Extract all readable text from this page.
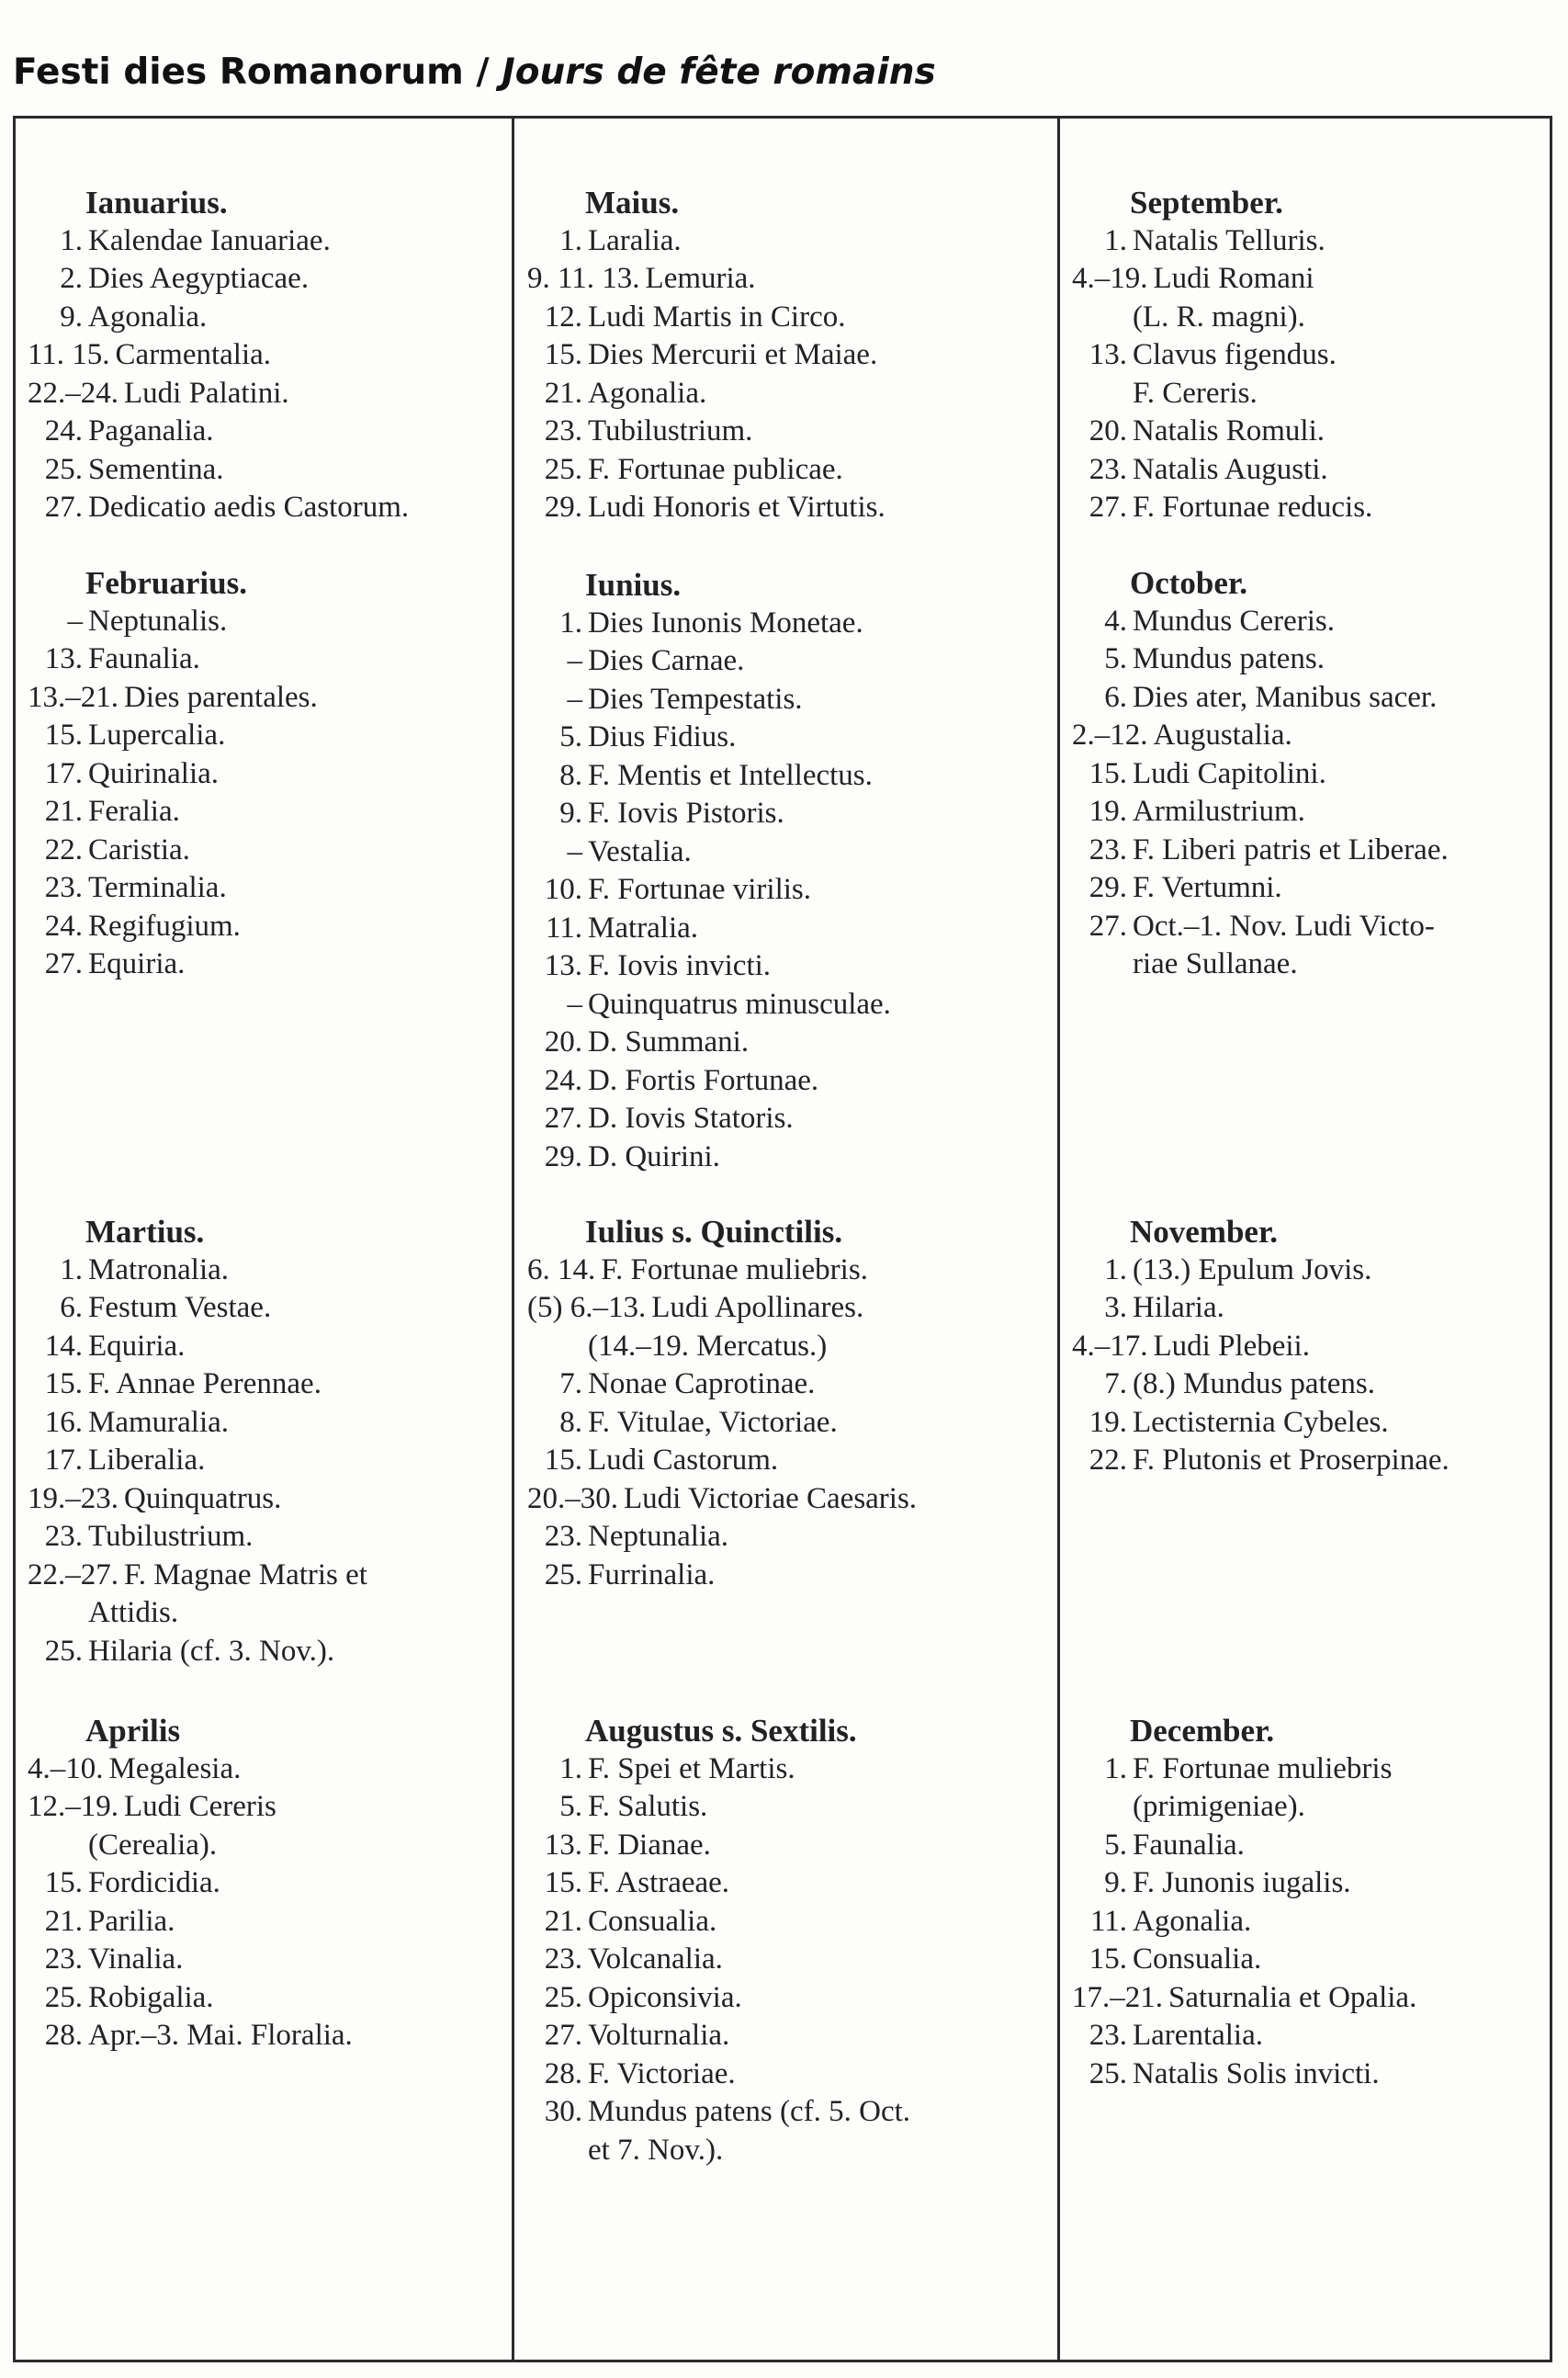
Festi dies Romanorum / Jours de fête romains
Ianuarius.
1. Kalendae Ianuariae.
2. Dies Aegyptiacae.
9. Agonalia.
11. 15. Carmentalia.
22.–24. Ludi Palatini.
24. Paganalia.
25. Sementina.
27. Dedicatio aedis Castorum.
Maius.
1. Laralia.
9. 11. 13. Lemuria.
12. Ludi Martis in Circo.
15. Dies Mercurii et Maiae.
21. Agonalia.
23. Tubilustrium.
25. F. Fortunae publicae.
29. Ludi Honoris et Virtutis.
September.
1. Natalis Telluris.
4.–19. Ludi Romani
(L. R. magni).
13. Clavus figendus.
F. Cereris.
20. Natalis Romuli.
23. Natalis Augusti.
27. F. Fortunae reducis.
Februarius.
– Neptunalis.
13. Faunalia.
13.–21. Dies parentales.
15. Lupercalia.
17. Quirinalia.
21. Feralia.
22. Caristia.
23. Terminalia.
24. Regifugium.
27. Equiria.
Iunius.
1. Dies Iunonis Monetae.
– Dies Carnae.
– Dies Tempestatis.
5. Dius Fidius.
8. F. Mentis et Intellectus.
9. F. Iovis Pistoris.
– Vestalia.
10. F. Fortunae virilis.
11. Matralia.
13. F. Iovis invicti.
– Quinquatrus minusculae.
20. D. Summani.
24. D. Fortis Fortunae.
27. D. Iovis Statoris.
29. D. Quirini.
October.
4. Mundus Cereris.
5. Mundus patens.
6. Dies ater, Manibus sacer.
2.–12. Augustalia.
15. Ludi Capitolini.
19. Armilustrium.
23. F. Liberi patris et Liberae.
29. F. Vertumni.
27. Oct.–1. Nov. Ludi Victo-
riae Sullanae.
Martius.
1. Matronalia.
6. Festum Vestae.
14. Equiria.
15. F. Annae Perennae.
16. Mamuralia.
17. Liberalia.
19.–23. Quinquatrus.
23. Tubilustrium.
22.–27. F. Magnae Matris et
Attidis.
25. Hilaria (cf. 3. Nov.).
Iulius s. Quinctilis.
6. 14. F. Fortunae muliebris.
(5) 6.–13. Ludi Apollinares.
(14.–19. Mercatus.)
7. Nonae Caprotinae.
8. F. Vitulae, Victoriae.
15. Ludi Castorum.
20.–30. Ludi Victoriae Caesaris.
23. Neptunalia.
25. Furrinalia.
November.
1. (13.) Epulum Jovis.
3. Hilaria.
4.–17. Ludi Plebeii.
7. (8.) Mundus patens.
19. Lectisternia Cybeles.
22. F. Plutonis et Proserpinae.
Aprilis
4.–10. Megalesia.
12.–19. Ludi Cereris
(Cerealia).
15. Fordicidia.
21. Parilia.
23. Vinalia.
25. Robigalia.
28. Apr.–3. Mai. Floralia.
Augustus s. Sextilis.
1. F. Spei et Martis.
5. F. Salutis.
13. F. Dianae.
15. F. Astraeae.
21. Consualia.
23. Volcanalia.
25. Opiconsivia.
27. Volturnalia.
28. F. Victoriae.
30. Mundus patens (cf. 5. Oct.
et 7. Nov.).
December.
1. F. Fortunae muliebris
(primigeniae).
5. Faunalia.
9. F. Junonis iugalis.
11. Agonalia.
15. Consualia.
17.–21. Saturnalia et Opalia.
23. Larentalia.
25. Natalis Solis invicti.
